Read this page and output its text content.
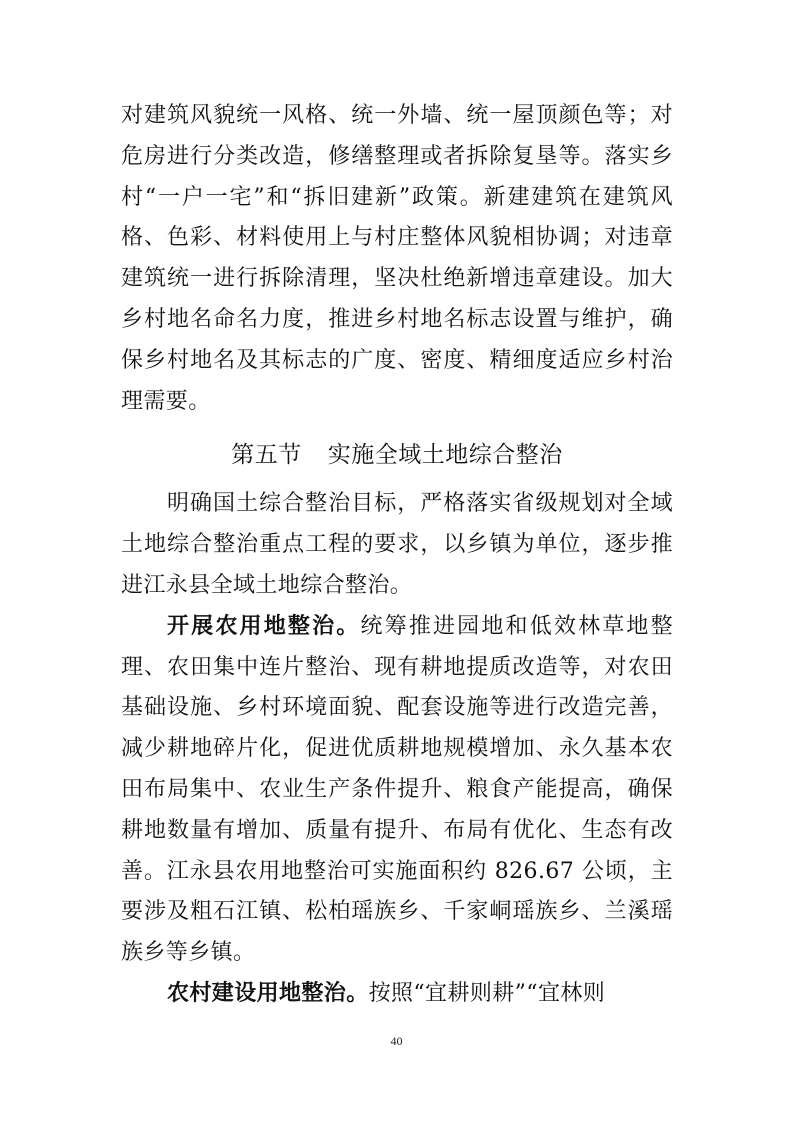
对建筑风貌统一风格、统一外墙、统一屋顶颜色等；对危房进行分类改造，修缮整理或者拆除复垦等。落实乡村“一户一宅”和“拆旧建新”政策。新建建筑在建筑风格、色彩、材料使用上与村庄整体风貌相协调；对违章建筑统一进行拆除清理，坚决杜绝新增违章建设。加大乡村地名命名力度，推进乡村地名标志设置与维护，确保乡村地名及其标志的广度、密度、精细度适应乡村治理需要。

第五节 实施全域土地综合整治

明确国土综合整治目标，严格落实省级规划对全域土地综合整治重点工程的要求，以乡镇为单位，逐步推进江永县全域土地综合整治。

开展农用地整治。统筹推进园地和低效林草地整理、农田集中连片整治、现有耕地提质改造等，对农田基础设施、乡村环境面貌、配套设施等进行改造完善，减少耕地碎片化，促进优质耕地规模增加、永久基本农田布局集中、农业生产条件提升、粮食产能提高，确保耕地数量有增加、质量有提升、布局有优化、生态有改善。江永县农用地整治可实施面积约 826.67 公顷，主要涉及粗石江镇、松柏瑶族乡、千家峒瑶族乡、兰溪瑶族乡等乡镇。

农村建设用地整治。按照“宜耕则耕”“宜林则

40
